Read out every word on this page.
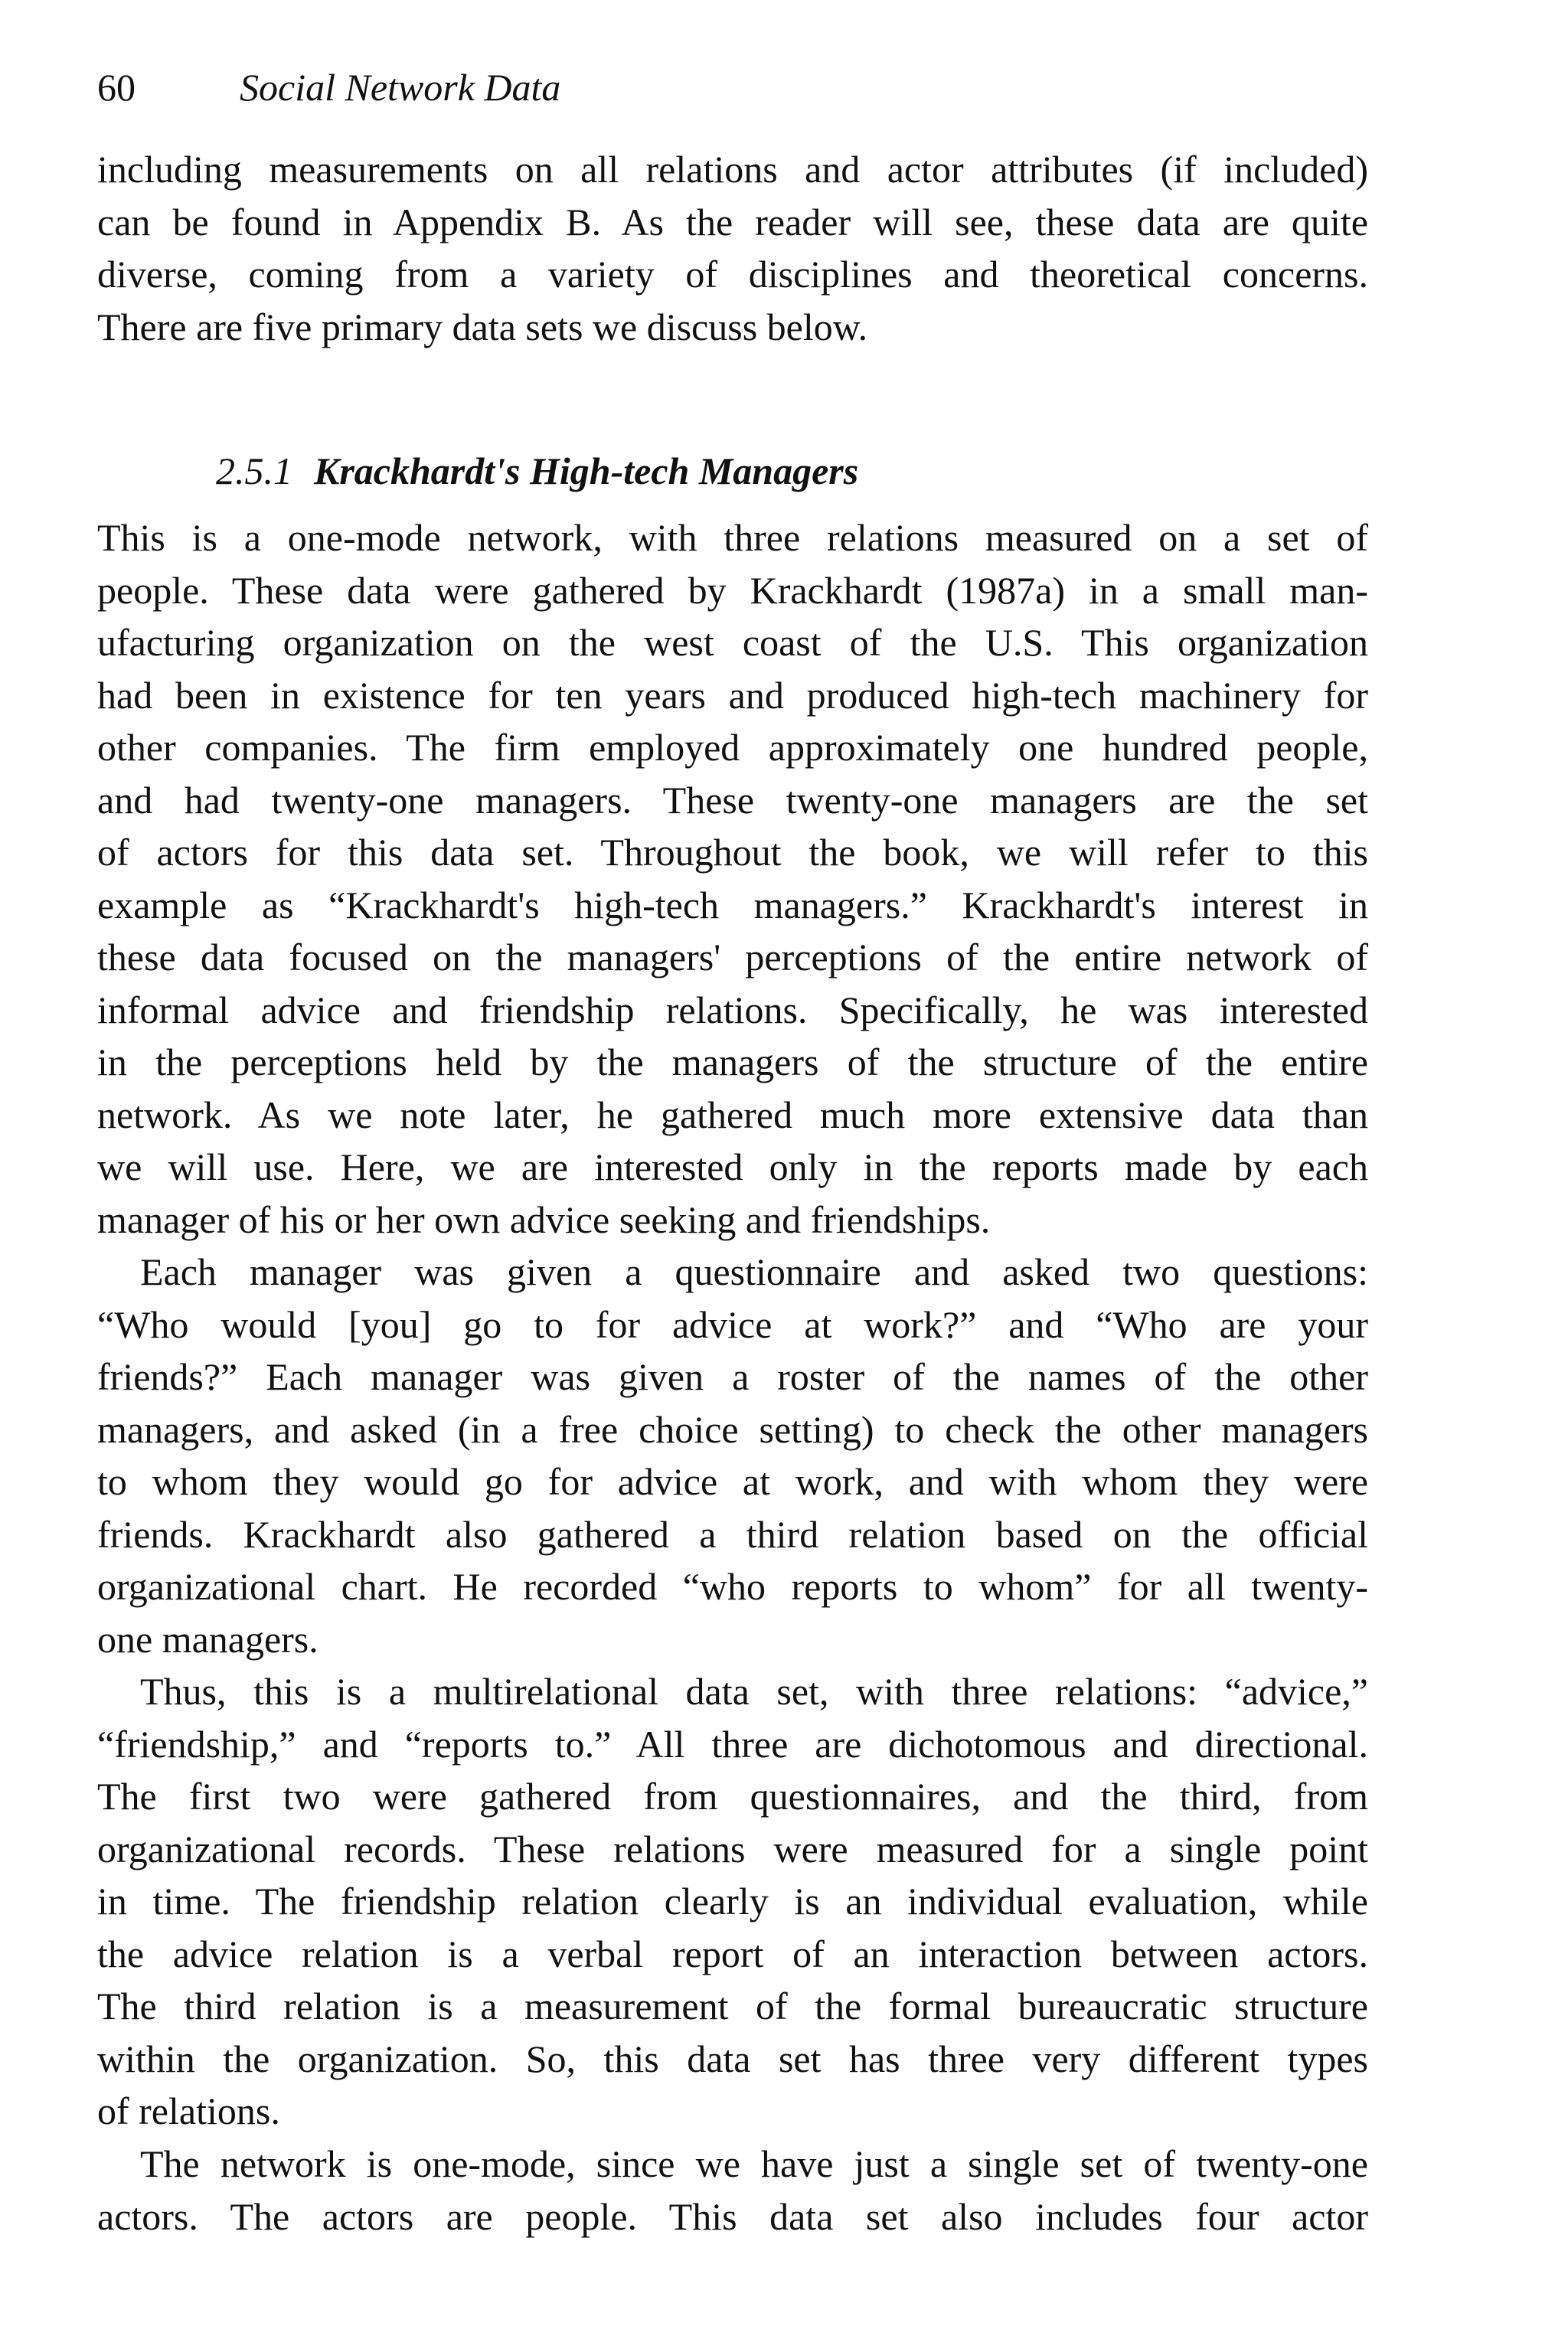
60	Social Network Data
including measurements on all relations and actor attributes (if included)
can be found in Appendix B. As the reader will see, these data are quite
diverse, coming from a variety of disciplines and theoretical concerns.
There are five primary data sets we discuss below.
2.5.1 Krackhardt's High-tech Managers
This is a one-mode network, with three relations measured on a set of
people. These data were gathered by Krackhardt (1987a) in a small man-
ufacturing organization on the west coast of the U.S. This organization
had been in existence for ten years and produced high-tech machinery for
other companies. The firm employed approximately one hundred people,
and had twenty-one managers. These twenty-one managers are the set
of actors for this data set. Throughout the book, we will refer to this
example as “Krackhardt's high-tech managers.” Krackhardt's interest in
these data focused on the managers' perceptions of the entire network of
informal advice and friendship relations. Specifically, he was interested
in the perceptions held by the managers of the structure of the entire
network. As we note later, he gathered much more extensive data than
we will use. Here, we are interested only in the reports made by each
manager of his or her own advice seeking and friendships.
Each manager was given a questionnaire and asked two questions:
“Who would [you] go to for advice at work?” and “Who are your
friends?” Each manager was given a roster of the names of the other
managers, and asked (in a free choice setting) to check the other managers
to whom they would go for advice at work, and with whom they were
friends. Krackhardt also gathered a third relation based on the official
organizational chart. He recorded “who reports to whom” for all twenty-
one managers.
Thus, this is a multirelational data set, with three relations: “advice,”
“friendship,” and “reports to.” All three are dichotomous and directional.
The first two were gathered from questionnaires, and the third, from
organizational records. These relations were measured for a single point
in time. The friendship relation clearly is an individual evaluation, while
the advice relation is a verbal report of an interaction between actors.
The third relation is a measurement of the formal bureaucratic structure
within the organization. So, this data set has three very different types
of relations.
The network is one-mode, since we have just a single set of twenty-one
actors. The actors are people. This data set also includes four actor
